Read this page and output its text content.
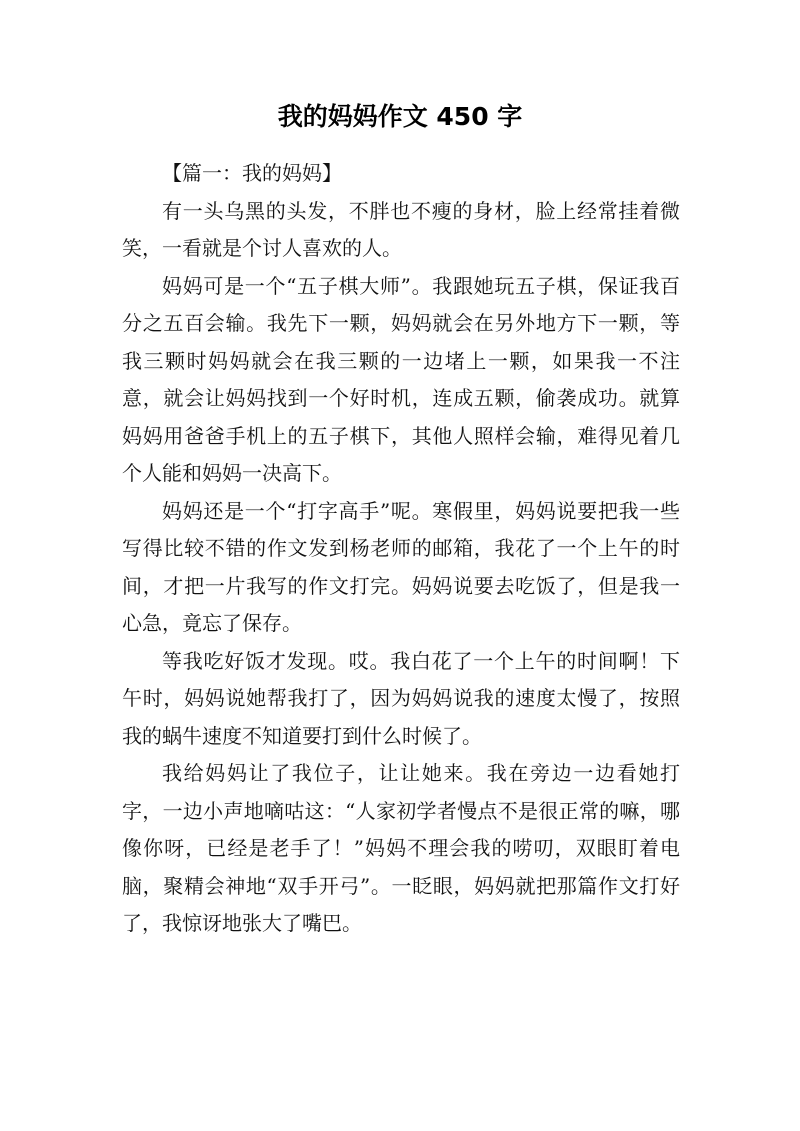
我的妈妈作文 450 字

【篇一：我的妈妈】

有一头乌黑的头发，不胖也不瘦的身材，脸上经常挂着微笑，一看就是个讨人喜欢的人。

妈妈可是一个“五子棋大师”。我跟她玩五子棋，保证我百分之五百会输。我先下一颗，妈妈就会在另外地方下一颗，等我三颗时妈妈就会在我三颗的一边堵上一颗，如果我一不注意，就会让妈妈找到一个好时机，连成五颗，偷袭成功。就算妈妈用爸爸手机上的五子棋下，其他人照样会输，难得见着几个人能和妈妈一决高下。

妈妈还是一个“打字高手”呢。寒假里，妈妈说要把我一些写得比较不错的作文发到杨老师的邮箱，我花了一个上午的时间，才把一片我写的作文打完。妈妈说要去吃饭了，但是我一心急，竟忘了保存。

等我吃好饭才发现。哎。我白花了一个上午的时间啊！下午时，妈妈说她帮我打了，因为妈妈说我的速度太慢了，按照我的蜗牛速度不知道要打到什么时候了。

我给妈妈让了我位子，让让她来。我在旁边一边看她打字，一边小声地嘀咕这：“人家初学者慢点不是很正常的嘛，哪像你呀，已经是老手了！”妈妈不理会我的唠叨，双眼盯着电脑，聚精会神地“双手开弓”。一眨眼，妈妈就把那篇作文打好了，我惊讶地张大了嘴巴。
